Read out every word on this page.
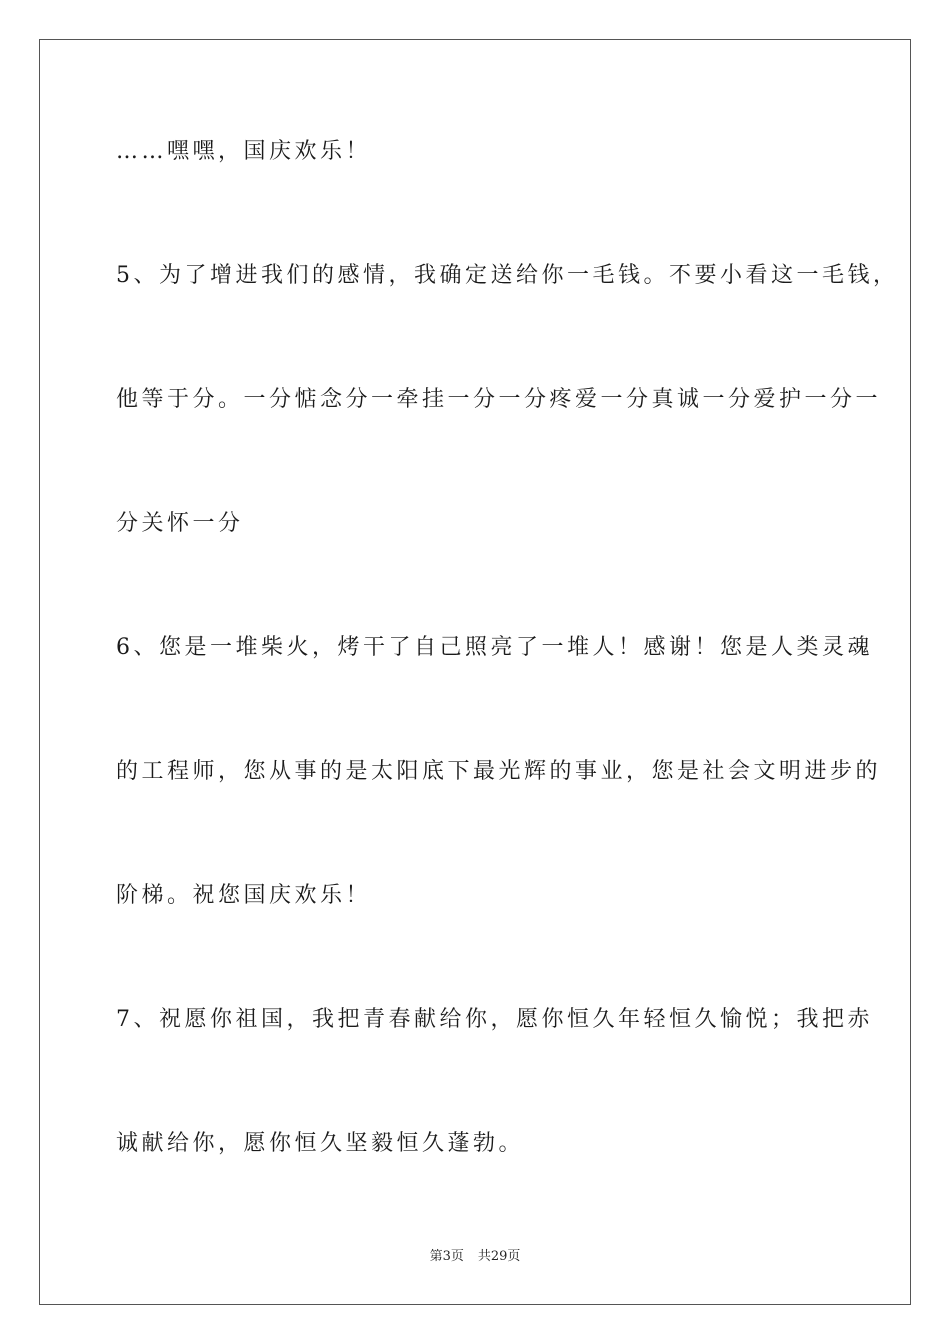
……嘿嘿，国庆欢乐！
5、为了增进我们的感情，我确定送给你一毛钱。不要小看这一毛钱，
他等于分。一分惦念分一牵挂一分一分疼爱一分真诚一分爱护一分一
分关怀一分
6、您是一堆柴火，烤干了自己照亮了一堆人！感谢！您是人类灵魂
的工程师，您从事的是太阳底下最光辉的事业，您是社会文明进步的
阶梯。祝您国庆欢乐！
7、祝愿你祖国，我把青春献给你，愿你恒久年轻恒久愉悦；我把赤
诚献给你，愿你恒久坚毅恒久蓬勃。
第3页 共29页
